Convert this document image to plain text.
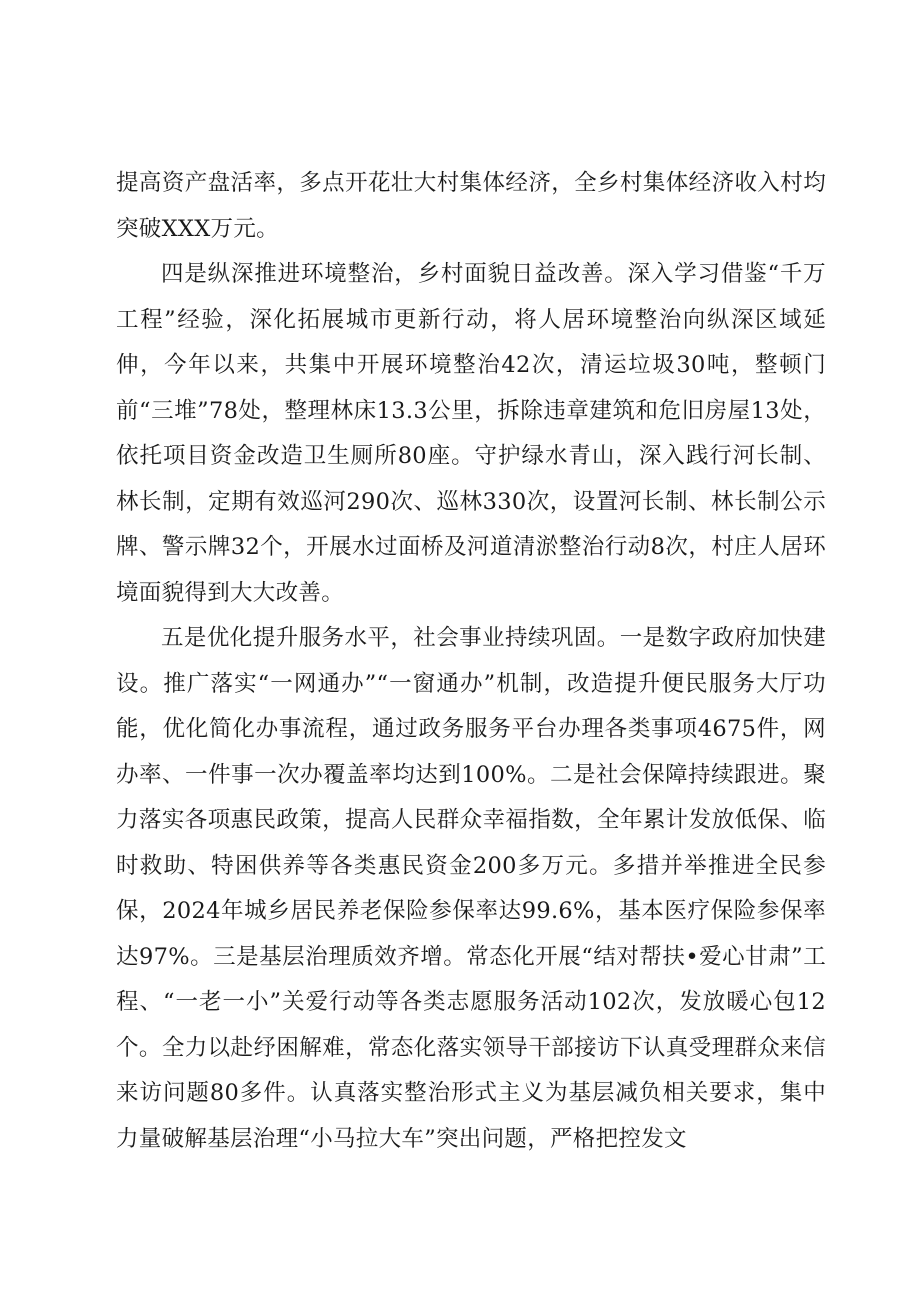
提高资产盘活率，多点开花壮大村集体经济，全乡村集体经济收入村均突破XXX万元。

四是纵深推进环境整治，乡村面貌日益改善。深入学习借鉴“千万工程”经验，深化拓展城市更新行动，将人居环境整治向纵深区域延伸，今年以来，共集中开展环境整治42次，清运垃圾30吨，整顿门前“三堆”78处，整理林床13.3公里，拆除违章建筑和危旧房屋13处，依托项目资金改造卫生厕所80座。守护绿水青山，深入践行河长制、林长制，定期有效巡河290次、巡林330次，设置河长制、林长制公示牌、警示牌32个，开展水过面桥及河道清淤整治行动8次，村庄人居环境面貌得到大大改善。

五是优化提升服务水平，社会事业持续巩固。一是数字政府加快建设。推广落实“一网通办”“一窗通办”机制，改造提升便民服务大厅功能，优化简化办事流程，通过政务服务平台办理各类事项4675件，网办率、一件事一次办覆盖率均达到100%。二是社会保障持续跟进。聚力落实各项惠民政策，提高人民群众幸福指数，全年累计发放低保、临时救助、特困供养等各类惠民资金200多万元。多措并举推进全民参保，2024年城乡居民养老保险参保率达99.6%，基本医疗保险参保率达97%。三是基层治理质效齐增。常态化开展“结对帮扶•爱心甘肃”工程、“一老一小”关爱行动等各类志愿服务活动102次，发放暖心包12个。全力以赴纾困解难，常态化落实领导干部接访下认真受理群众来信来访问题80多件。认真落实整治形式主义为基层减负相关要求，集中力量破解基层治理“小马拉大车”突出问题，严格把控发文
